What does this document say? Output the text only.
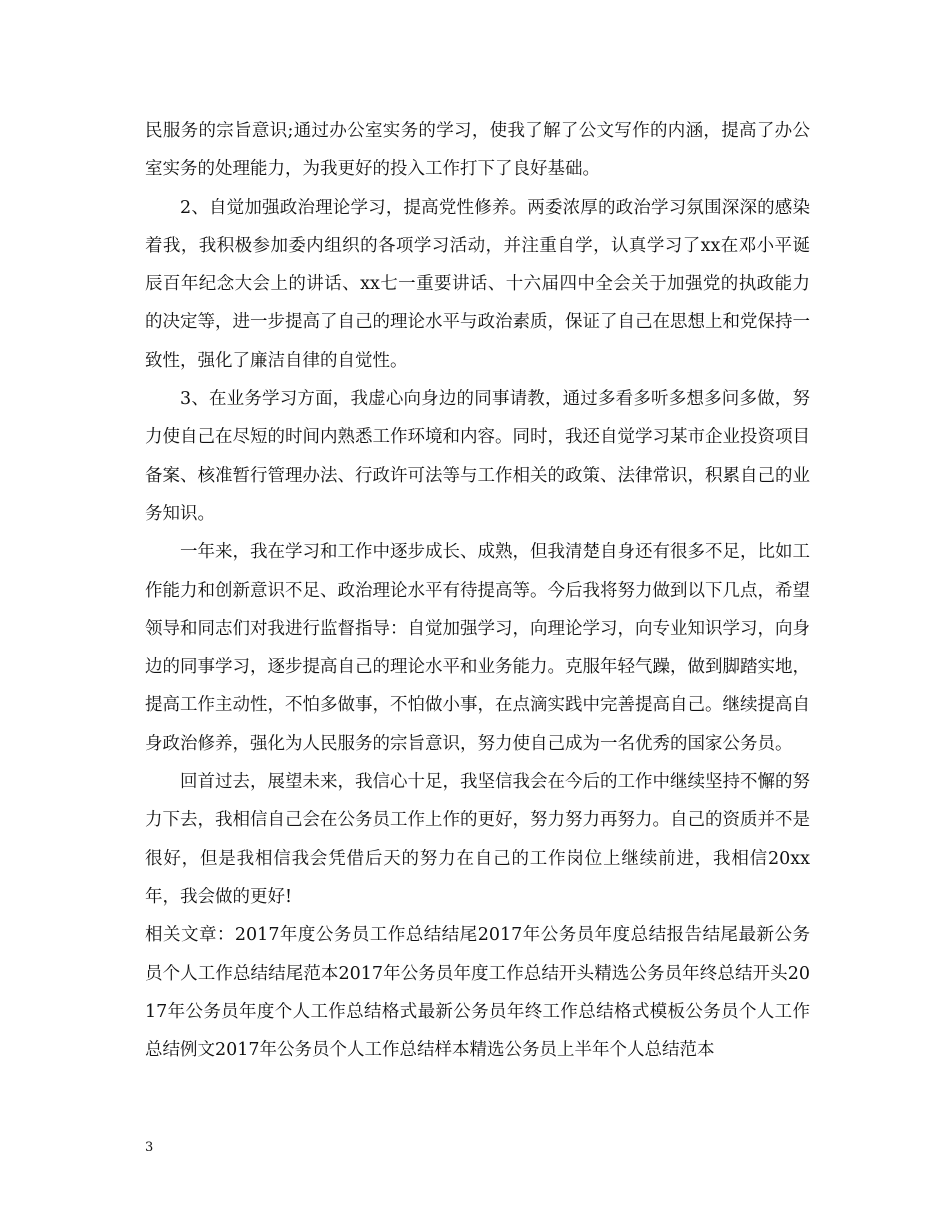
民服务的宗旨意识;通过办公室实务的学习，使我了解了公文写作的内涵，提高了办公室实务的处理能力，为我更好的投入工作打下了良好基础。

2、自觉加强政治理论学习，提高党性修养。两委浓厚的政治学习氛围深深的感染着我，我积极参加委内组织的各项学习活动，并注重自学，认真学习了xx在邓小平诞辰百年纪念大会上的讲话、xx七一重要讲话、十六届四中全会关于加强党的执政能力的决定等，进一步提高了自己的理论水平与政治素质，保证了自己在思想上和党保持一致性，强化了廉洁自律的自觉性。

3、在业务学习方面，我虚心向身边的同事请教，通过多看多听多想多问多做，努力使自己在尽短的时间内熟悉工作环境和内容。同时，我还自觉学习某市企业投资项目备案、核准暂行管理办法、行政许可法等与工作相关的政策、法律常识，积累自己的业务知识。

一年来，我在学习和工作中逐步成长、成熟，但我清楚自身还有很多不足，比如工作能力和创新意识不足、政治理论水平有待提高等。今后我将努力做到以下几点，希望领导和同志们对我进行监督指导：自觉加强学习，向理论学习，向专业知识学习，向身边的同事学习，逐步提高自己的理论水平和业务能力。克服年轻气躁，做到脚踏实地，提高工作主动性，不怕多做事，不怕做小事，在点滴实践中完善提高自己。继续提高自身政治修养，强化为人民服务的宗旨意识，努力使自己成为一名优秀的国家公务员。

回首过去，展望未来，我信心十足，我坚信我会在今后的工作中继续坚持不懈的努力下去，我相信自己会在公务员工作上作的更好，努力努力再努力。自己的资质并不是很好，但是我相信我会凭借后天的努力在自己的工作岗位上继续前进，我相信20xx年，我会做的更好!

相关文章：2017年度公务员工作总结结尾2017年公务员年度总结报告结尾最新公务员个人工作总结结尾范本2017年公务员年度工作总结开头精选公务员年终总结开头2017年公务员年度个人工作总结格式最新公务员年终工作总结格式模板公务员个人工作总结例文2017年公务员个人工作总结样本精选公务员上半年个人总结范本

3
